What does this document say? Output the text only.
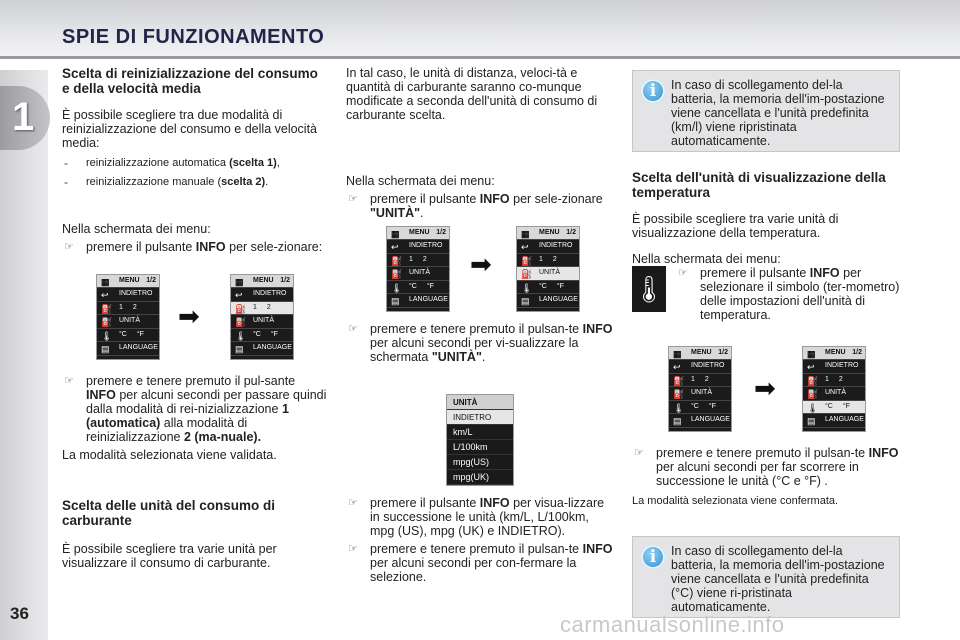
SPIE DI FUNZIONAMENTO
1
36
Scelta di reinizializzazione del consumo e della velocità media

È possibile scegliere tra due modalità di reinizializzazione del consumo e della velocità media:

- reinizializzazione automatica (scelta 1),
- reinizializzazione manuale (scelta 2).

Nella schermata dei menu:

☞ premere il pulsante INFO per sele-zionare:
☞ premere e tenere premuto il pul-sante INFO per alcuni secondi per passare quindi dalla modalità di rei-nizializzazione 1 (automatica) alla modalità di reinizializzazione 2 (ma-nuale).

La modalità selezionata viene validata.

Scelta delle unità del consumo di carburante

È possibile scegliere tra varie unità per visualizzare il consumo di carburante.

In tal caso, le unità di distanza, veloci-tà e quantità di carburante saranno co-munque modificate a seconda dell'unità di consumo di carburante scelta.

Nella schermata dei menu:

☞ premere il pulsante INFO per sele-zionare "UNITÀ".
☞ premere e tenere premuto il pulsan-te INFO per alcuni secondi per vi-sualizzare la schermata "UNITÀ".
☞ premere il pulsante INFO per visua-lizzare in successione le unità (km/L, L/100km, mpg (US), mpg (UK) e INDIETRO).
☞ premere e tenere premuto il pulsan-te INFO per alcuni secondi per con-fermare la selezione.
i	In caso di scollegamento del-la batteria, la memoria dell'im-postazione viene cancellata e l'unità predefinita (km/l) viene ripristinata automaticamente.
Scelta dell'unità di visualizzazione della temperatura

È possibile scegliere tra varie unità di visualizzazione della temperatura.

Nella schermata dei menu:

🌡
☞ premere il pulsante INFO per selezionare il simbolo (ter-mometro) delle impostazioni dell'unità di temperatura.
☞ premere e tenere premuto il pulsan-te INFO per alcuni secondi per far scorrere in successione le unità (°C e °F) .

La modalità selezionata viene confermata.

i	In caso di scollegamento del-la batteria, la memoria dell'im-postazione viene cancellata e l'unità predefinita (°C) viene ri-pristinata automaticamente.
▦ MENU 1/2
↩ INDIETRO
⛽ 1 2
⛽ UNITÀ
🌡 °C °F
▤ LANGUAGE
▦ MENU 1/2
↩ INDIETRO
⛽ 1 2
⛽ UNITÀ
🌡 °C °F
▤ LANGUAGE
▦ MENU 1/2
↩ INDIETRO
⛽ 1 2
⛽ UNITÀ
🌡 °C °F
▤ LANGUAGE
▦ MENU 1/2
↩ INDIETRO
⛽ 1 2
⛽ UNITÀ
🌡 °C °F
▤ LANGUAGE
▦ MENU 1/2
↩ INDIETRO
⛽ 1 2
⛽ UNITÀ
🌡 °C °F
▤ LANGUAGE
▦ MENU 1/2
↩ INDIETRO
⛽ 1 2
⛽ UNITÀ
🌡 °C °F
▤ LANGUAGE
➡
➡
➡
UNITÀ
INDIETRO
km/L
L/100km
mpg(US)
mpg(UK)
carmanualsonline.info
